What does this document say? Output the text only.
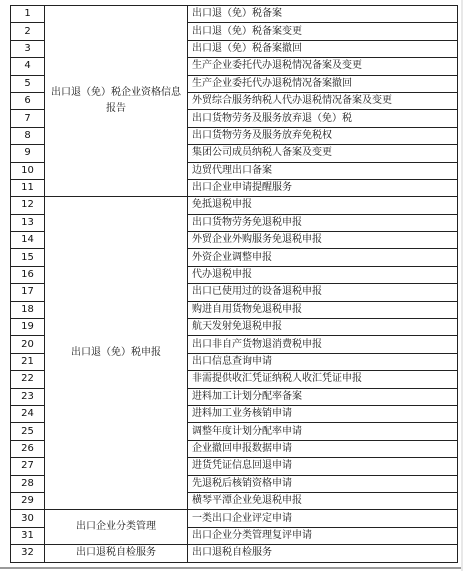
1	出口退（免）税企业资格信息报告	出口退（免）税备案
2		出口退（免）税备案变更
3		出口退（免）税备案撤回
4		生产企业委托代办退税情况备案及变更
5		生产企业委托代办退税情况备案撤回
6		外贸综合服务纳税人代办退税情况备案及变更
7		出口货物劳务及服务放弃退（免）税
8		出口货物劳务及服务放弃免税权
9		集团公司成员纳税人备案及变更
10		边贸代理出口备案
11		出口企业申请提醒服务
12	出口退（免）税申报	免抵退税申报
13		出口货物劳务免退税申报
14		外贸企业外购服务免退税申报
15		外资企业调整申报
16		代办退税申报
17		出口已使用过的设备退税申报
18		购进自用货物免退税申报
19		航天发射免退税申报
20		出口非自产货物退消费税申报
21		出口信息查询申请
22		非需提供收汇凭证纳税人收汇凭证申报
23		进料加工计划分配率备案
24		进料加工业务核销申请
25		调整年度计划分配率申请
26		企业撤回申报数据申请
27		进货凭证信息回退申请
28		先退税后核销资格申请
29		横琴平潭企业免退税申报
30	出口企业分类管理	一类出口企业评定申请
31		出口企业分类管理复评申请
32	出口退税自检服务	出口退税自检服务
